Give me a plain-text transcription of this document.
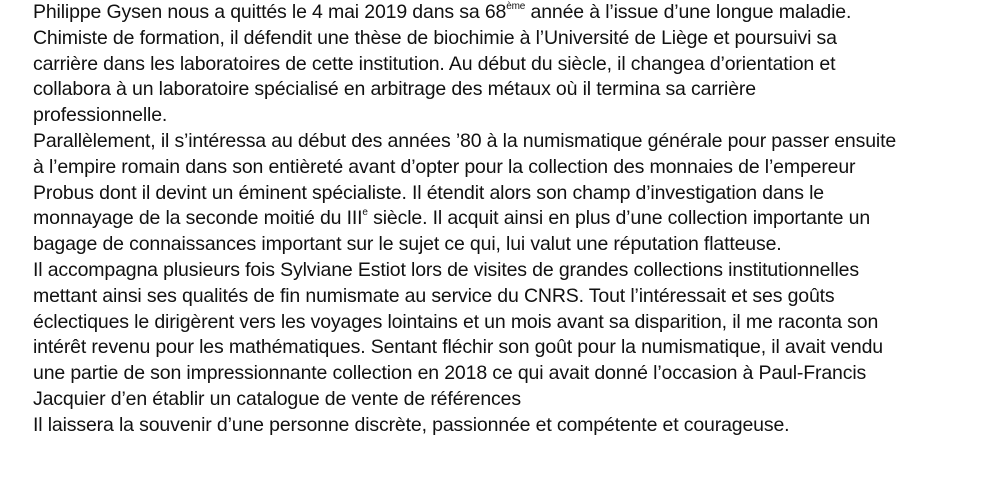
Philippe Gysen nous a quittés le 4 mai 2019 dans sa 68ème année à l’issue d’une longue maladie.
Chimiste de formation, il défendit une thèse de biochimie à l’Université de Liège et poursuivi sa
carrière dans les laboratoires de cette institution. Au début du siècle, il changea d’orientation et
collabora à un laboratoire spécialisé en arbitrage des métaux où il termina sa carrière
professionnelle.
Parallèlement, il s’intéressa au début des années ’80 à la numismatique générale pour passer ensuite
à l’empire romain dans son entièreté avant d’opter pour la collection des monnaies de l’empereur
Probus dont il devint un éminent spécialiste. Il étendit alors son champ d’investigation dans le
monnayage de la seconde moitié du IIIe siècle. Il acquit ainsi en plus d’une collection importante un
bagage de connaissances important sur le sujet ce qui, lui valut une réputation flatteuse.
Il accompagna plusieurs fois Sylviane Estiot lors de visites de grandes collections institutionnelles
mettant ainsi ses qualités de fin numismate au service du CNRS. Tout l’intéressait et ses goûts
éclectiques le dirigèrent vers les voyages lointains et un mois avant sa disparition, il me raconta son
intérêt revenu pour les mathématiques. Sentant fléchir son goût pour la numismatique, il avait vendu
une partie de son impressionnante collection en 2018 ce qui avait donné l’occasion à Paul-Francis
Jacquier d’en établir un catalogue de vente de références
Il laissera la souvenir d’une personne discrète, passionnée et compétente et courageuse.
